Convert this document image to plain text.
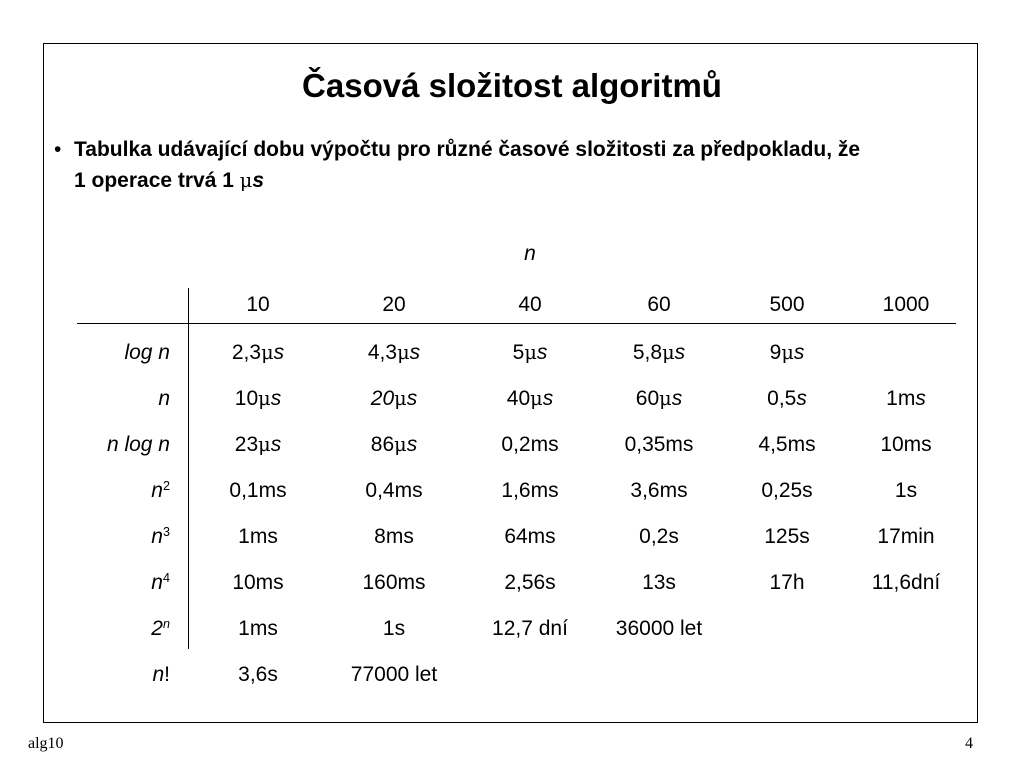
Časová složitost algoritmů
• Tabulka udávající dobu výpočtu pro různé časové složitosti za předpokladu, že 1 operace trvá 1 μs
n
10	20	40	60	500	1000
log n	2,3μs	4,3μs	5μs	5,8μs	9μs
n	10μs	20μs	40μs	60μs	0,5s	1ms
n log n	23μs	86μs	0,2ms	0,35ms	4,5ms	10ms
$n^2$	0,1ms	0,4ms	1,6ms	3,6ms	0,25s	1s
$n^3$	1ms	8ms	64ms	0,2s	125s	17min
$n^4$	10ms	160ms	2,56s	13s	17h	11,6dní
2$^n$	1ms	1s	12,7 dní	36000 let
n!	3,6s	77000 let
alg10	4
